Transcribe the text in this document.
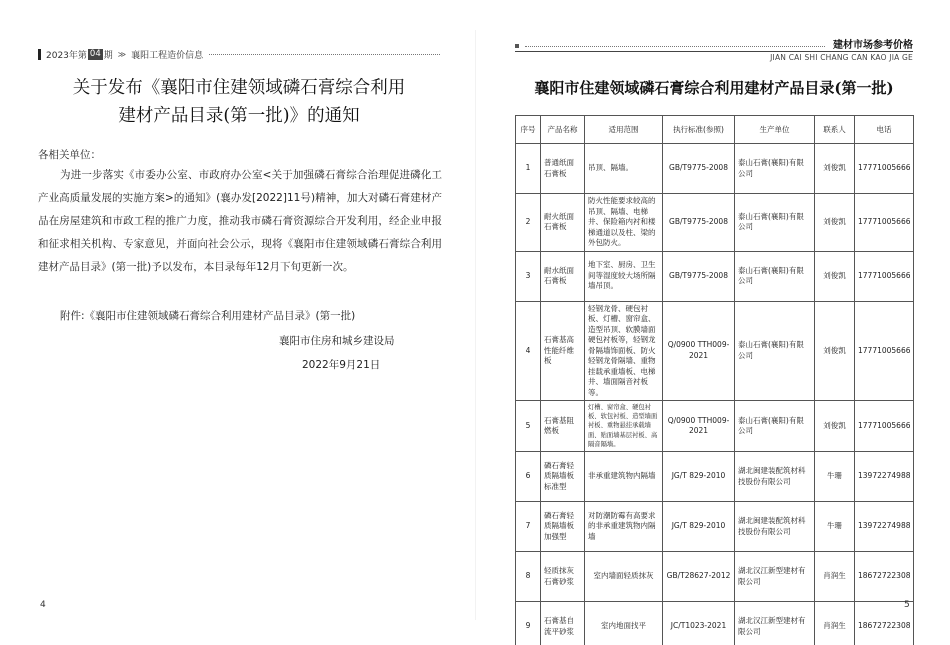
2023年第 04 期 ≫ 襄阳工程造价信息
关于发布《襄阳市住建领域磷石膏综合利用
建材产品目录(第一批)》的通知
各相关单位：
为进一步落实《市委办公室、市政府办公室<关于加强磷石膏综合治理促进磷化工产业高质量发展的实施方案>的通知》(襄办发[2022]11号)精神，加大对磷石膏建材产品在房屋建筑和市政工程的推广力度，推动我市磷石膏资源综合开发利用，经企业申报和征求相关机构、专家意见，并面向社会公示，现将《襄阳市住建领域磷石膏综合利用建材产品目录》(第一批)予以发布，本目录每年12月下旬更新一次。
附件:《襄阳市住建领域磷石膏综合利用建材产品目录》(第一批)
襄阳市住房和城乡建设局
2022年9月21日
4
建材市场参考价格
JIAN CAI SHI CHANG CAN KAO JIA GE
襄阳市住建领域磷石膏综合利用建材产品目录(第一批)
序号	产品名称	适用范围	执行标准(参照)	生产单位	联系人	电话
1	普通纸面石膏板	吊顶、隔墙。	GB/T9775-2008	泰山石膏(襄阳)有限公司	刘俊凯	17771005666
2	耐火纸面石膏板	防火性能要求较高的吊顶、隔墙、电梯井、保险箱内衬和楼梯通道以及柱、梁的外包防火。	GB/T9775-2008	泰山石膏(襄阳)有限公司	刘俊凯	17771005666
3	耐水纸面石膏板	地下室、厨房、卫生间等湿度较大场所隔墙吊顶。	GB/T9775-2008	泰山石膏(襄阳)有限公司	刘俊凯	17771005666
4	石膏基高性能纤维板	轻钢龙骨、硬包衬板、灯槽、窗帘盒、造型吊顶、软膜墙面硬包衬板等，轻钢龙骨隔墙饰面板、防火轻钢龙骨隔墙、重物挂载承重墙板、电梯井、墙面隔音衬板等。	Q/0900 TTH009-2021	泰山石膏(襄阳)有限公司	刘俊凯	17771005666
5	石膏基阻燃板	灯槽、窗帘盒、硬包衬板、软包衬板、造型墙面衬板、重物悬挂承载墙面、贴面墙基层衬板、高隔音隔墙。	Q/0900 TTH009-2021	泰山石膏(襄阳)有限公司	刘俊凯	17771005666
6	磷石膏轻质隔墙板标准型	非承重建筑物内隔墙	JG/T 829-2010	湖北闽建装配筑材科技股份有限公司	牛珊	13972274988
7	磷石膏轻质隔墙板加强型	对防潮防霉有高要求的非承重建筑物内隔墙	JG/T 829-2010	湖北闽建装配筑材科技股份有限公司	牛珊	13972274988
8	轻质抹灰石膏砂浆	室内墙面轻质抹灰	GB/T28627-2012	湖北汉江新型建材有限公司	肖润生	18672722308
9	石膏基自流平砂浆	室内地面找平	JC/T1023-2021	湖北汉江新型建材有限公司	肖润生	18672722308
5
